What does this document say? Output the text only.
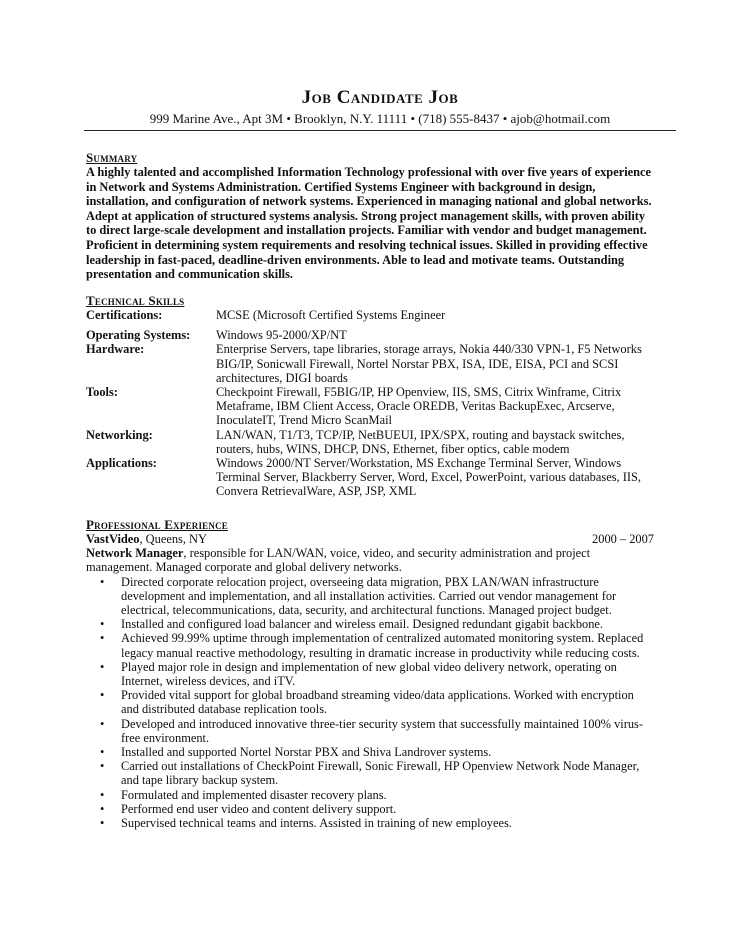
Job Candidate Job
999 Marine Ave., Apt 3M • Brooklyn, N.Y. 11111 • (718) 555-8437 • ajob@hotmail.com
Summary
A highly talented and accomplished Information Technology professional with over five years of experience in Network and Systems Administration. Certified Systems Engineer with background in design, installation, and configuration of network systems. Experienced in managing national and global networks. Adept at application of structured systems analysis. Strong project management skills, with proven ability to direct large-scale development and installation projects. Familiar with vendor and budget management. Proficient in determining system requirements and resolving technical issues. Skilled in providing effective leadership in fast-paced, deadline-driven environments. Able to lead and motivate teams. Outstanding presentation and communication skills.
Technical Skills
Certifications:	MCSE (Microsoft Certified Systems Engineer
Operating Systems:	Windows 95-2000/XP/NT
Hardware:	Enterprise Servers, tape libraries, storage arrays, Nokia 440/330 VPN-1, F5 Networks BIG/IP, Sonicwall Firewall, Nortel Norstar PBX, ISA, IDE, EISA, PCI and SCSI architectures, DIGI boards
Tools:	Checkpoint Firewall, F5BIG/IP, HP Openview, IIS, SMS, Citrix Winframe, Citrix Metaframe, IBM Client Access, Oracle OREDB, Veritas BackupExec, Arcserve, InoculateIT, Trend Micro ScanMail
Networking:	LAN/WAN, T1/T3, TCP/IP, NetBUEUI, IPX/SPX, routing and baystack switches, routers, hubs, WINS, DHCP, DNS, Ethernet, fiber optics, cable modem
Applications:	Windows 2000/NT Server/Workstation, MS Exchange Terminal Server, Windows Terminal Server, Blackberry Server, Word, Excel, PowerPoint, various databases, IIS, Convera RetrievalWare, ASP, JSP, XML
Professional Experience
VastVideo, Queens, NY	2000 – 2007
Network Manager, responsible for LAN/WAN, voice, video, and security administration and project management. Managed corporate and global delivery networks.
• Directed corporate relocation project, overseeing data migration, PBX LAN/WAN infrastructure development and implementation, and all installation activities. Carried out vendor management for electrical, telecommunications, data, security, and architectural functions. Managed project budget.
• Installed and configured load balancer and wireless email. Designed redundant gigabit backbone.
• Achieved 99.99% uptime through implementation of centralized automated monitoring system. Replaced legacy manual reactive methodology, resulting in dramatic increase in productivity while reducing costs.
• Played major role in design and implementation of new global video delivery network, operating on Internet, wireless devices, and iTV.
• Provided vital support for global broadband streaming video/data applications. Worked with encryption and distributed database replication tools.
• Developed and introduced innovative three-tier security system that successfully maintained 100% virus-free environment.
• Installed and supported Nortel Norstar PBX and Shiva Landrover systems.
• Carried out installations of CheckPoint Firewall, Sonic Firewall, HP Openview Network Node Manager, and tape library backup system.
• Formulated and implemented disaster recovery plans.
• Performed end user video and content delivery support.
• Supervised technical teams and interns. Assisted in training of new employees.
